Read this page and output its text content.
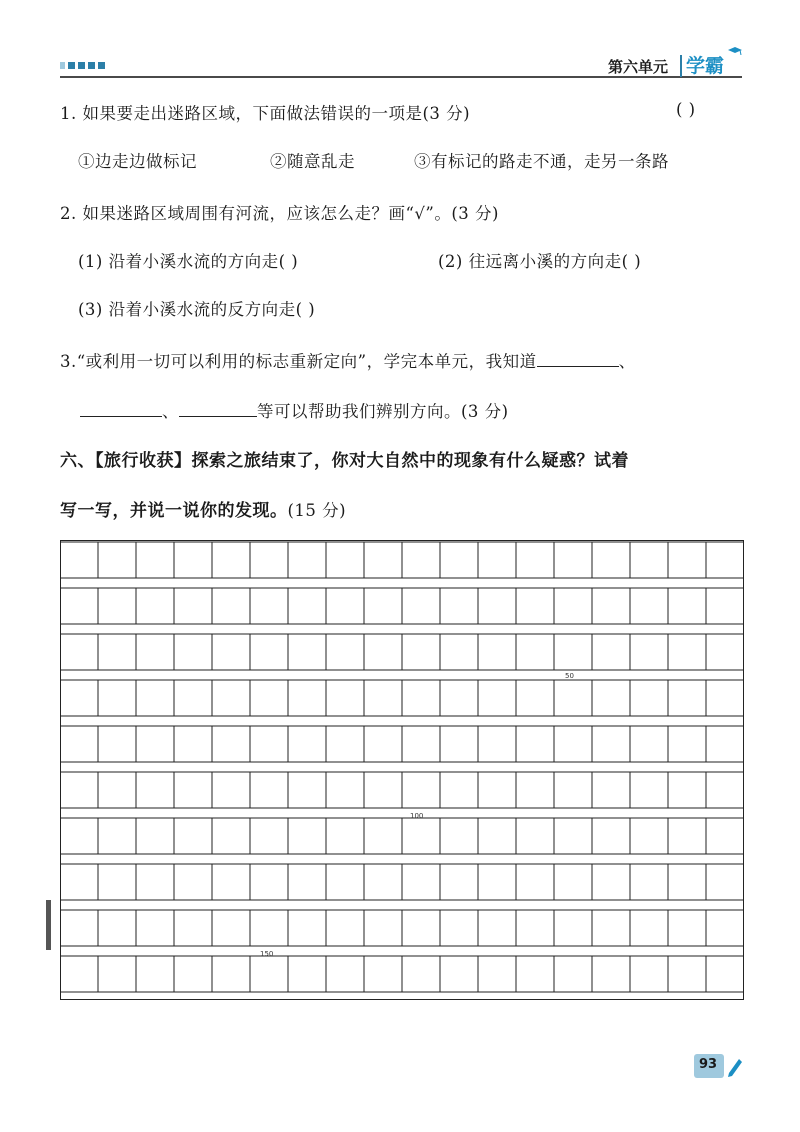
第六单元 学霸
1. 如果要走出迷路区域，下面做法错误的一项是(3 分)	( )
①边走边做标记	②随意乱走	③有标记的路走不通，走另一条路
2. 如果迷路区域周围有河流，应该怎么走？画“√”。(3 分)
(1) 沿着小溪水流的方向走( )	(2) 往远离小溪的方向走( )
(3) 沿着小溪水流的反方向走( )
3.“或利用一切可以利用的标志重新定向”，学完本单元，我知道	、
、	等可以帮助我们辨别方向。(3 分)
六、【旅行收获】探索之旅结束了，你对大自然中的现象有什么疑惑？试着
写一写，并说一说你的发现。(15 分)
50
100
150
93
